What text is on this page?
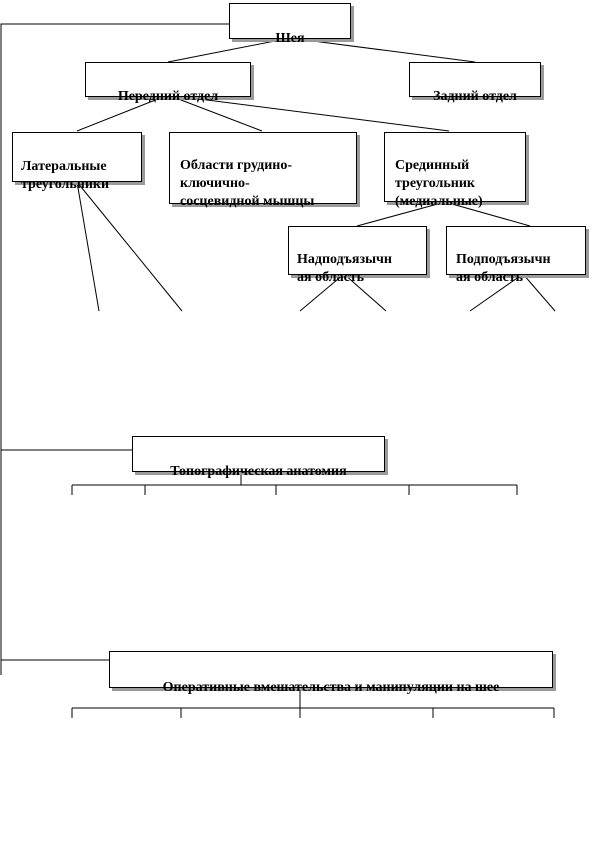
Шея

Передний отдел	Задний отдел

Латеральные
треугольники

Области грудино-
ключично-
сосцевидной мышцы

Срединный
треугольник
(медиальные)

Надподъязычн
ая область

Подподъязычн
ая область

Топографическая анатомия

Оперативные вмешательства и манипуляции на шее
